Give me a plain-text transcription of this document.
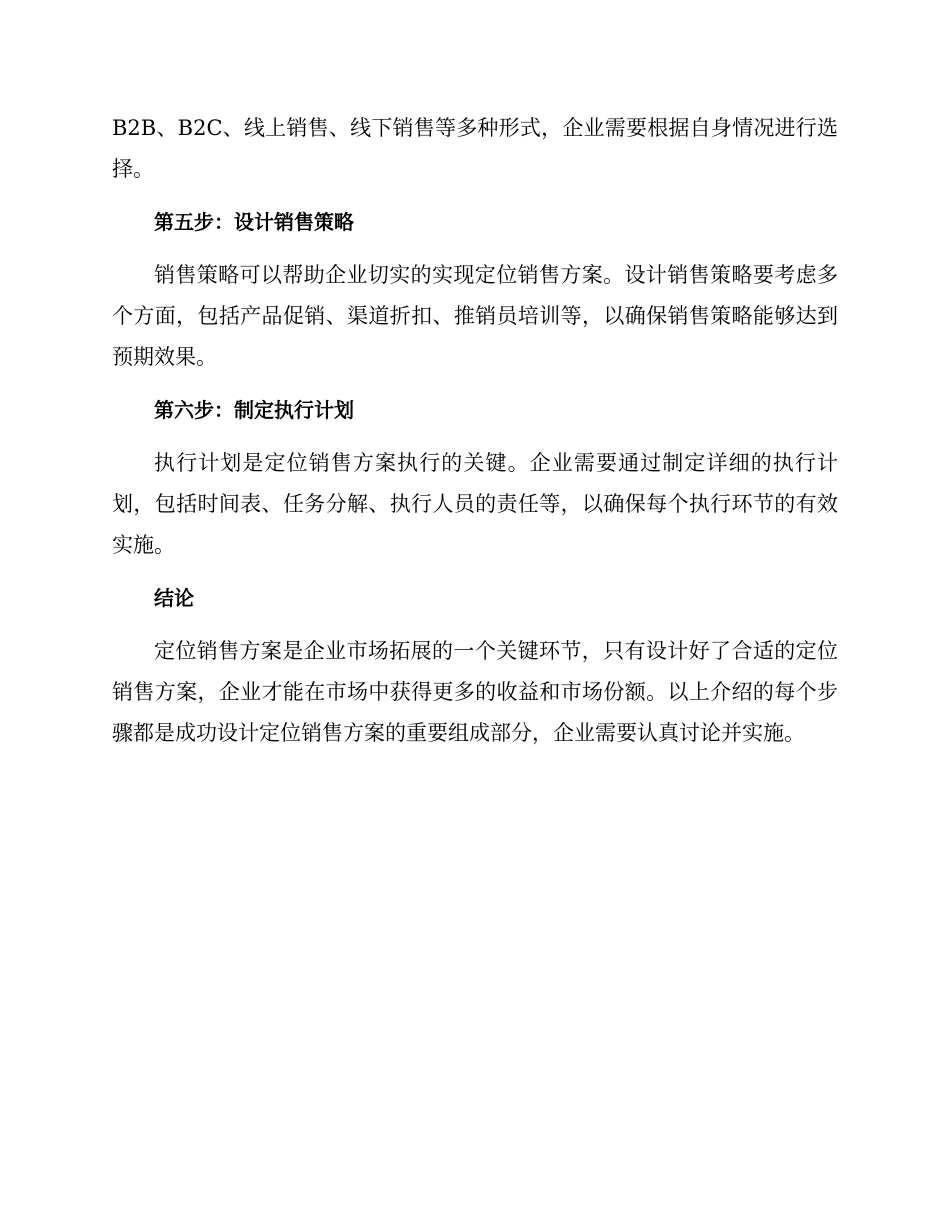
B2B、B2C、线上销售、线下销售等多种形式，企业需要根据自身情况进行选择。

第五步：设计销售策略

销售策略可以帮助企业切实的实现定位销售方案。设计销售策略要考虑多个方面，包括产品促销、渠道折扣、推销员培训等，以确保销售策略能够达到预期效果。

第六步：制定执行计划

执行计划是定位销售方案执行的关键。企业需要通过制定详细的执行计划，包括时间表、任务分解、执行人员的责任等，以确保每个执行环节的有效实施。

结论

定位销售方案是企业市场拓展的一个关键环节，只有设计好了合适的定位销售方案，企业才能在市场中获得更多的收益和市场份额。以上介绍的每个步骤都是成功设计定位销售方案的重要组成部分，企业需要认真讨论并实施。
